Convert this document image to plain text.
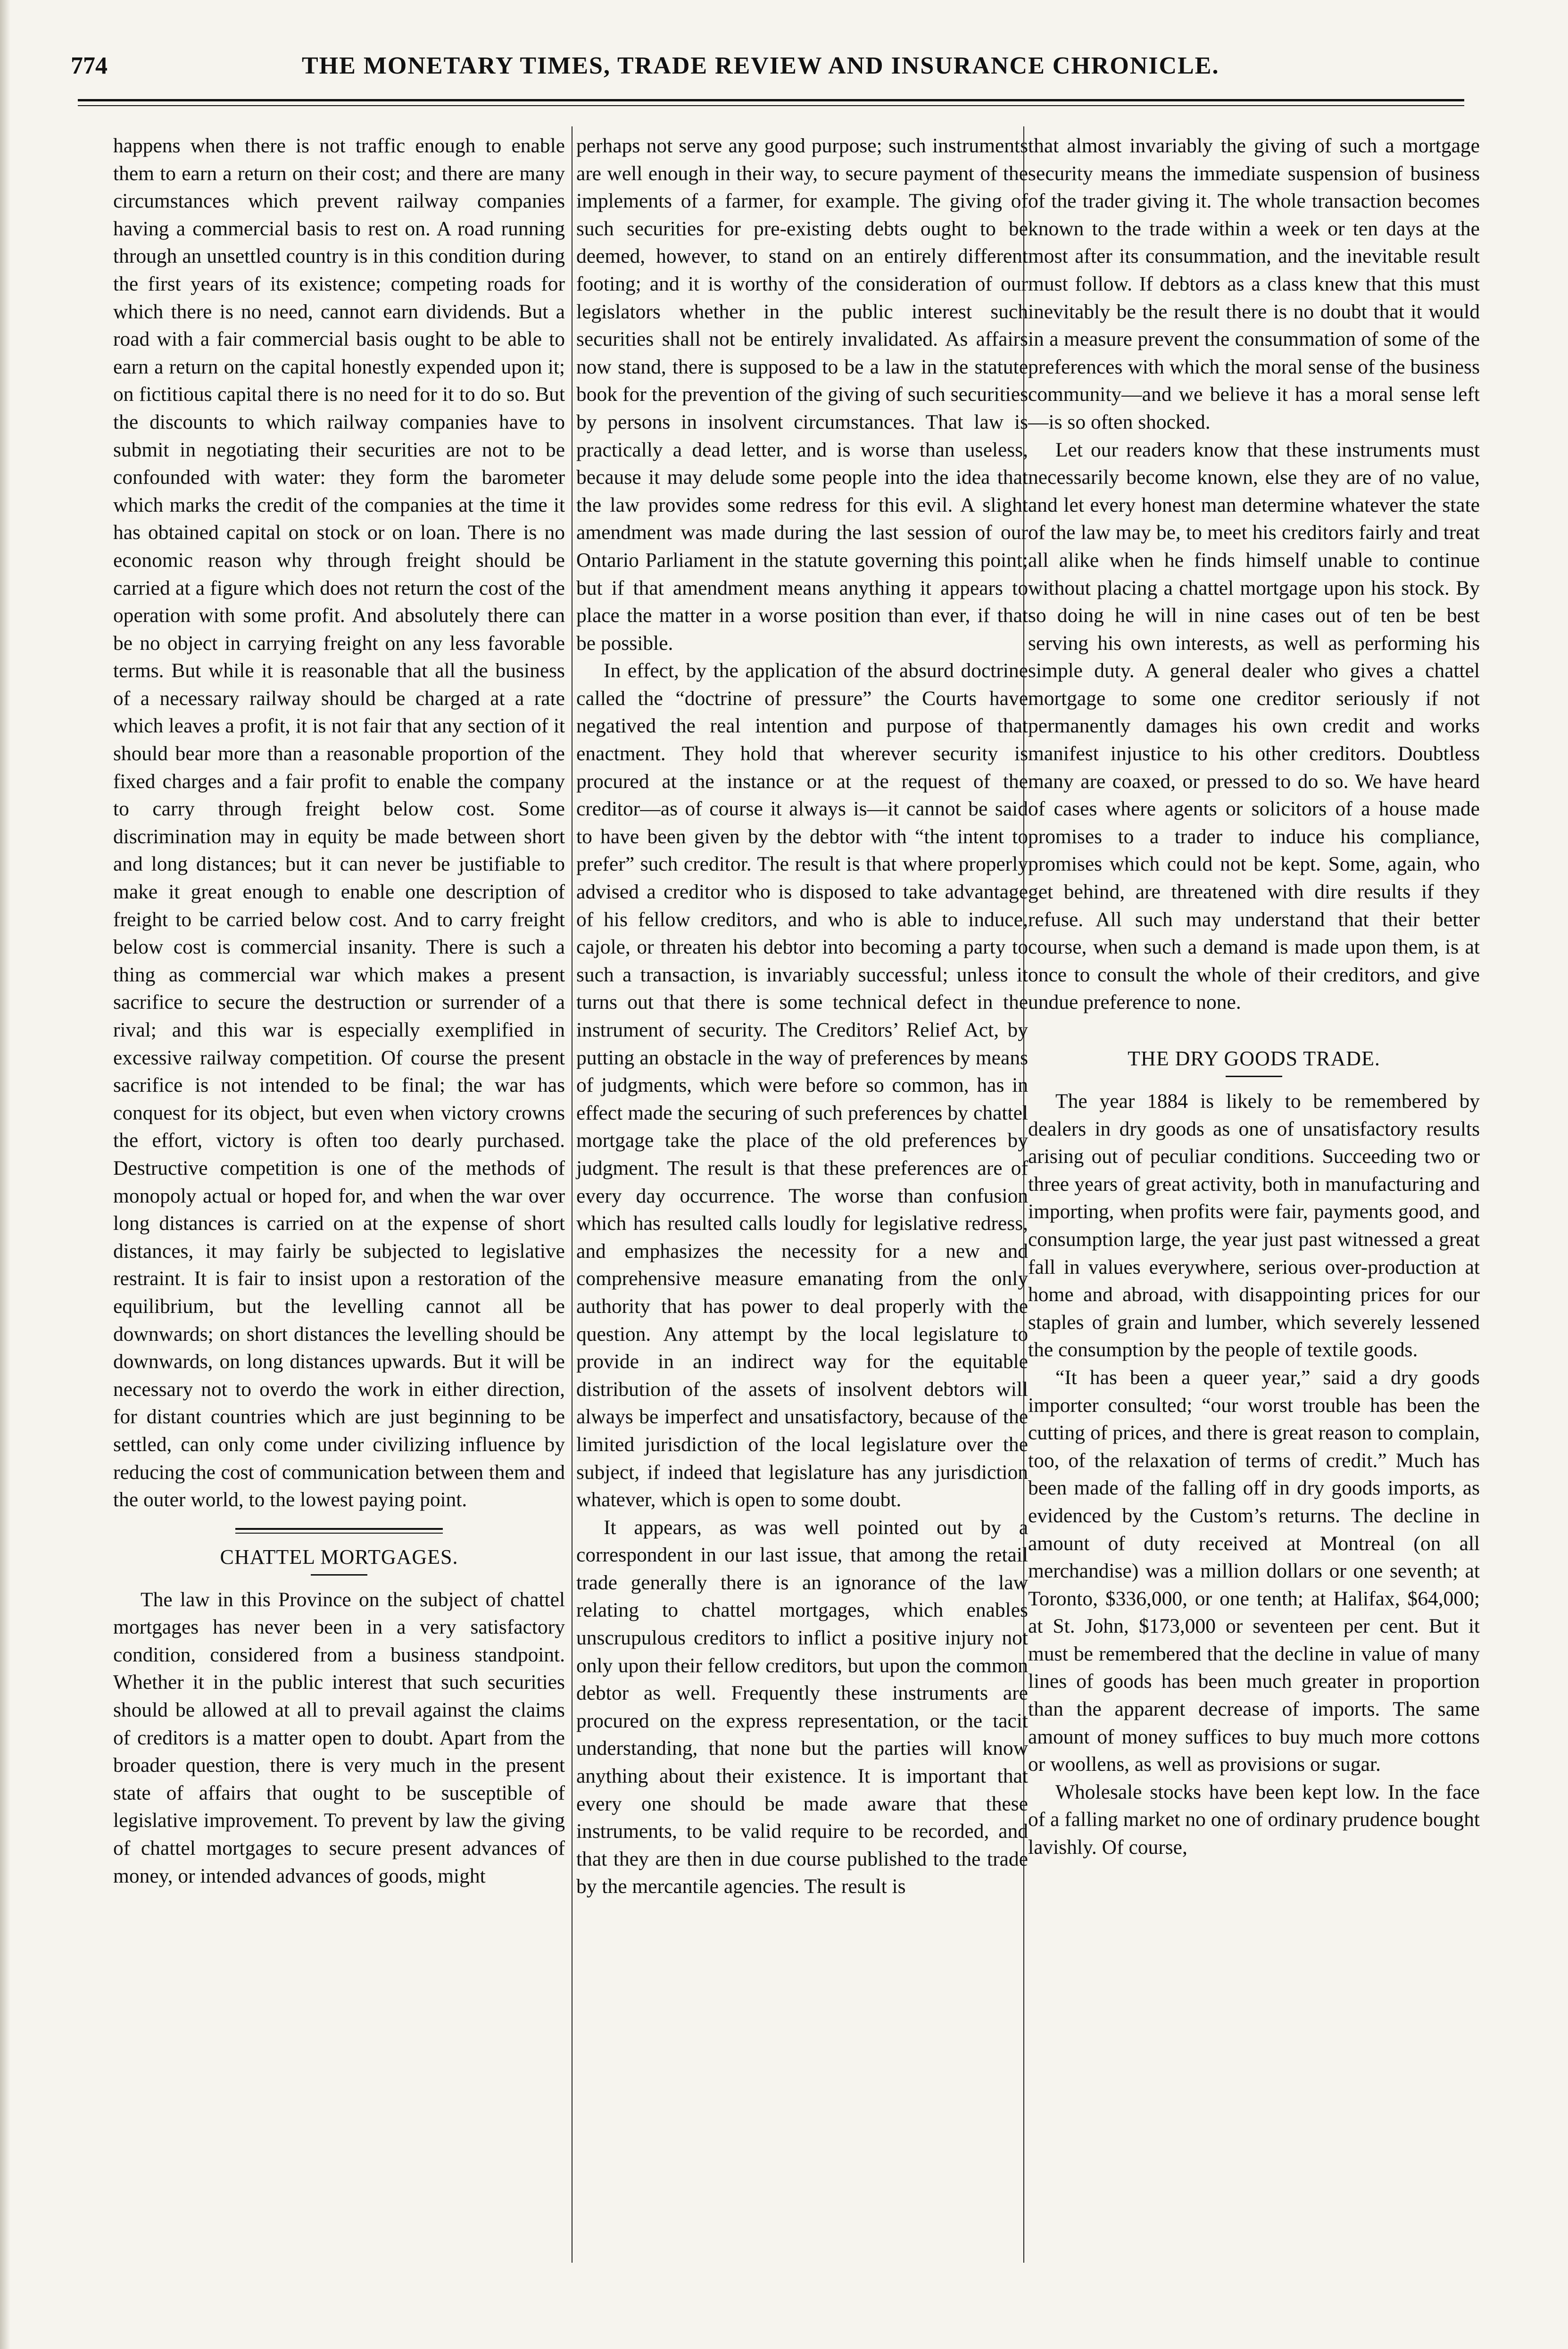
774	THE MONETARY TIMES, TRADE REVIEW AND INSURANCE CHRONICLE.

happens when there is not traffic enough to enable them to earn a return on their cost; and there are many circumstances which prevent railway companies having a commercial basis to rest on. A road running through an unsettled country is in this condition during the first years of its existence; competing roads for which there is no need, cannot earn dividends. But a road with a fair commercial basis ought to be able to earn a return on the capital honestly expended upon it; on fictitious capital there is no need for it to do so. But the discounts to which railway companies have to submit in negotiating their securities are not to be confounded with water: they form the barometer which marks the credit of the companies at the time it has obtained capital on stock or on loan. There is no economic reason why through freight should be carried at a figure which does not return the cost of the operation with some profit. And absolutely there can be no object in carrying freight on any less favorable terms. But while it is reasonable that all the business of a necessary railway should be charged at a rate which leaves a profit, it is not fair that any section of it should bear more than a reasonable proportion of the fixed charges and a fair profit to enable the company to carry through freight below cost. Some discrimination may in equity be made between short and long distances; but it can never be justifiable to make it great enough to enable one description of freight to be carried below cost. And to carry freight below cost is commercial insanity. There is such a thing as commercial war which makes a present sacrifice to secure the destruction or surrender of a rival; and this war is especially exemplified in excessive railway competition. Of course the present sacrifice is not intended to be final; the war has conquest for its object, but even when victory crowns the effort, victory is often too dearly purchased. Destructive competition is one of the methods of monopoly actual or hoped for, and when the war over long distances is carried on at the expense of short distances, it may fairly be subjected to legislative restraint. It is fair to insist upon a restoration of the equilibrium, but the levelling cannot all be downwards; on short distances the levelling should be downwards, on long distances upwards. But it will be necessary not to overdo the work in either direction, for distant countries which are just beginning to be settled, can only come under civilizing influence by reducing the cost of communication between them and the outer world, to the lowest paying point.

CHATTEL MORTGAGES.

The law in this Province on the subject of chattel mortgages has never been in a very satisfactory condition, considered from a business standpoint. Whether it in the public interest that such securities should be allowed at all to prevail against the claims of creditors is a matter open to doubt. Apart from the broader question, there is very much in the present state of affairs that ought to be susceptible of legislative improvement. To prevent by law the giving of chattel mortgages to secure present advances of money, or intended advances of goods, might

perhaps not serve any good purpose; such instruments are well enough in their way, to secure payment of the implements of a farmer, for example. The giving of such securities for pre-existing debts ought to be deemed, however, to stand on an entirely different footing; and it is worthy of the consideration of our legislators whether in the public interest such securities shall not be entirely invalidated. As affairs now stand, there is supposed to be a law in the statute book for the prevention of the giving of such securities by persons in insolvent circumstances. That law is practically a dead letter, and is worse than useless, because it may delude some people into the idea that the law provides some redress for this evil. A slight amendment was made during the last session of our Ontario Parliament in the statute governing this point; but if that amendment means anything it appears to place the matter in a worse position than ever, if that be possible.

In effect, by the application of the absurd doctrine called the “doctrine of pressure” the Courts have negatived the real intention and purpose of that enactment. They hold that wherever security is procured at the instance or at the request of the creditor—as of course it always is—it cannot be said to have been given by the debtor with “the intent to prefer” such creditor. The result is that where properly advised a creditor who is disposed to take advantage of his fellow creditors, and who is able to induce, cajole, or threaten his debtor into becoming a party to such a transaction, is invariably successful; unless it turns out that there is some technical defect in the instrument of security. The Creditors’ Relief Act, by putting an obstacle in the way of preferences by means of judgments, which were before so common, has in effect made the securing of such preferences by chattel mortgage take the place of the old preferences by judgment. The result is that these preferences are of every day occurrence. The worse than confusion which has resulted calls loudly for legislative redress, and emphasizes the necessity for a new and comprehensive measure emanating from the only authority that has power to deal properly with the question. Any attempt by the local legislature to provide in an indirect way for the equitable distribution of the assets of insolvent debtors will always be imperfect and unsatisfactory, because of the limited jurisdiction of the local legislature over the subject, if indeed that legislature has any jurisdiction whatever, which is open to some doubt.

It appears, as was well pointed out by a correspondent in our last issue, that among the retail trade generally there is an ignorance of the law relating to chattel mortgages, which enables unscrupulous creditors to inflict a positive injury not only upon their fellow creditors, but upon the common debtor as well. Frequently these instruments are procured on the express representation, or the tacit understanding, that none but the parties will know anything about their existence. It is important that every one should be made aware that these instruments, to be valid require to be recorded, and that they are then in due course published to the trade by the mercantile agencies. The result is

that almost invariably the giving of such a mortgage security means the immediate suspension of business of the trader giving it. The whole transaction becomes known to the trade within a week or ten days at the most after its consummation, and the inevitable result must follow. If debtors as a class knew that this must inevitably be the result there is no doubt that it would in a measure prevent the consummation of some of the preferences with which the moral sense of the business community—and we believe it has a moral sense left—is so often shocked.

Let our readers know that these instruments must necessarily become known, else they are of no value, and let every honest man determine whatever the state of the law may be, to meet his creditors fairly and treat all alike when he finds himself unable to continue without placing a chattel mortgage upon his stock. By so doing he will in nine cases out of ten be best serving his own interests, as well as performing his simple duty. A general dealer who gives a chattel mortgage to some one creditor seriously if not permanently damages his own credit and works manifest injustice to his other creditors. Doubtless many are coaxed, or pressed to do so. We have heard of cases where agents or solicitors of a house made promises to a trader to induce his compliance, promises which could not be kept. Some, again, who get behind, are threatened with dire results if they refuse. All such may understand that their better course, when such a demand is made upon them, is at once to consult the whole of their creditors, and give undue preference to none.

THE DRY GOODS TRADE.

The year 1884 is likely to be remembered by dealers in dry goods as one of unsatisfactory results arising out of peculiar conditions. Succeeding two or three years of great activity, both in manufacturing and importing, when profits were fair, payments good, and consumption large, the year just past witnessed a great fall in values everywhere, serious over-production at home and abroad, with disappointing prices for our staples of grain and lumber, which severely lessened the consumption by the people of textile goods.

“It has been a queer year,” said a dry goods importer consulted; “our worst trouble has been the cutting of prices, and there is great reason to complain, too, of the relaxation of terms of credit.” Much has been made of the falling off in dry goods imports, as evidenced by the Custom’s returns. The decline in amount of duty received at Montreal (on all merchandise) was a million dollars or one seventh; at Toronto, $336,000, or one tenth; at Halifax, $64,000; at St. John, $173,000 or seventeen per cent. But it must be remembered that the decline in value of many lines of goods has been much greater in proportion than the apparent decrease of imports. The same amount of money suffices to buy much more cottons or woollens, as well as provisions or sugar.

Wholesale stocks have been kept low. In the face of a falling market no one of ordinary prudence bought lavishly. Of course,
